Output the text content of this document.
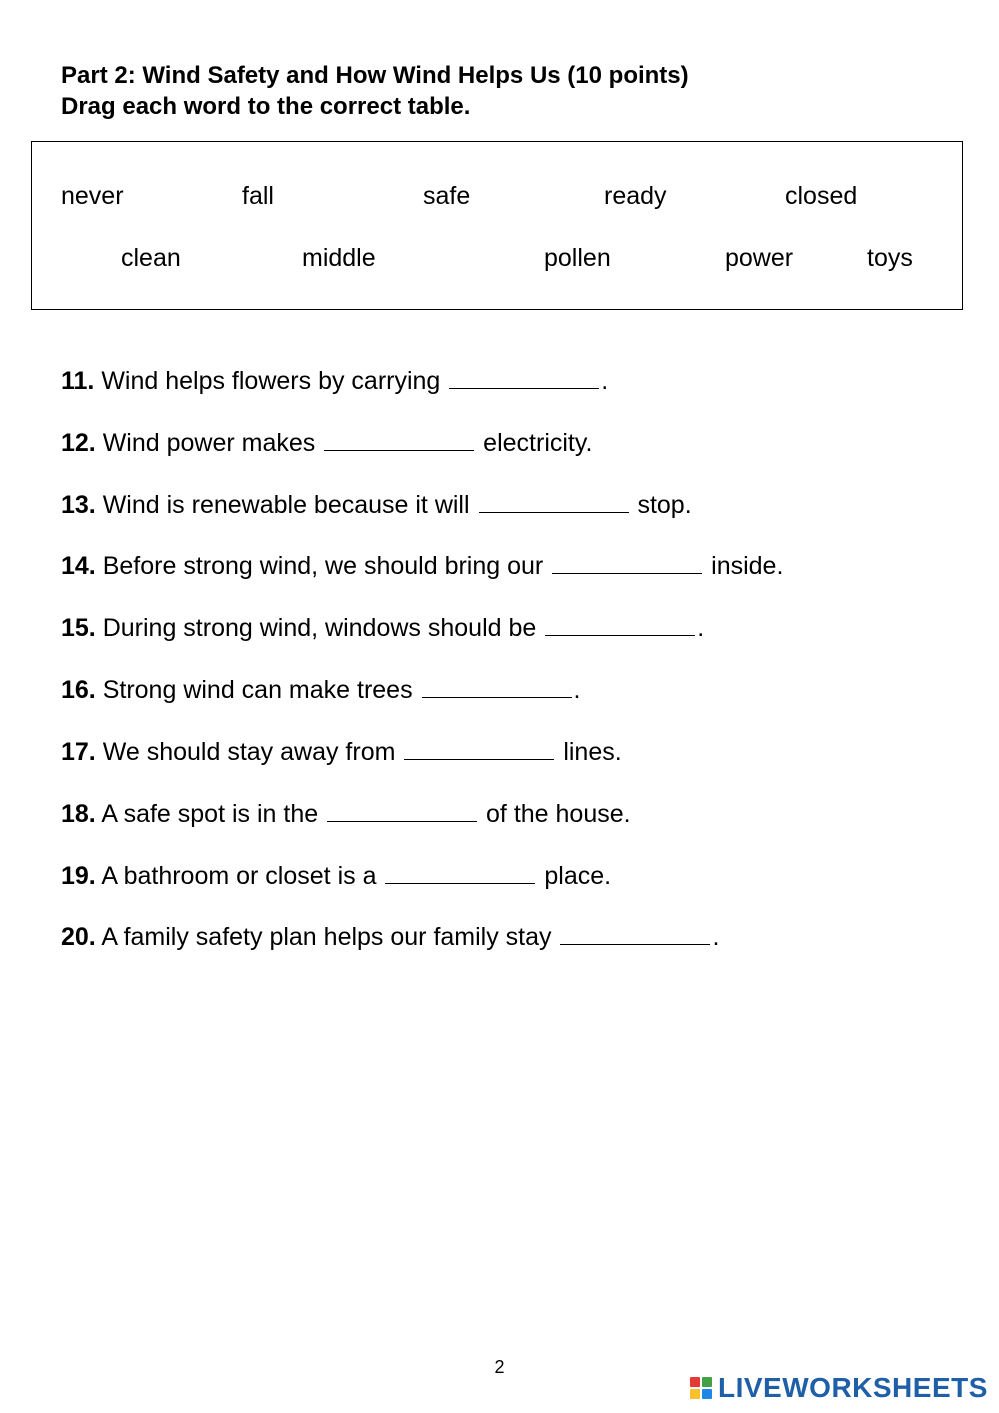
Part 2: Wind Safety and How Wind Helps Us (10 points)
Drag each word to the correct table.
never	fall	safe	ready	closed
clean	middle	pollen	power	toys
11. Wind helps flowers by carrying	.
12. Wind power makes	electricity.
13. Wind is renewable because it will	stop.
14. Before strong wind, we should bring our	inside.
15. During strong wind, windows should be	.
16. Strong wind can make trees	.
17. We should stay away from	lines.
18. A safe spot is in the	of the house.
19. A bathroom or closet is a	place.
20. A family safety plan helps our family stay	.
2
LIVEWORKSHEETS
